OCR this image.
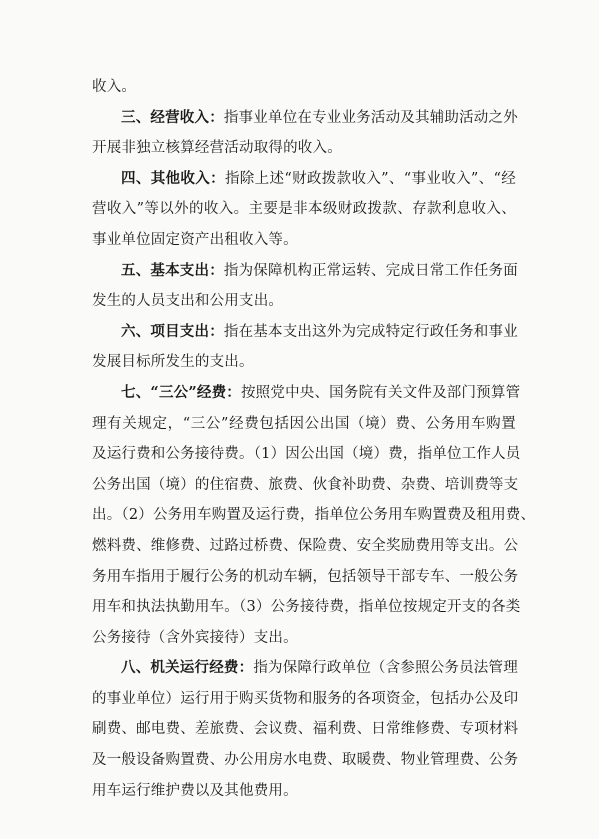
收入。
三、经营收入：指事业单位在专业业务活动及其辅助活动之外
开展非独立核算经营活动取得的收入。
四、其他收入：指除上述“财政拨款收入”、“事业收入”、“经
营收入”等以外的收入。主要是非本级财政拨款、存款利息收入、
事业单位固定资产出租收入等。
五、基本支出：指为保障机构正常运转、完成日常工作任务面
发生的人员支出和公用支出。
六、项目支出：指在基本支出这外为完成特定行政任务和事业
发展目标所发生的支出。
七、“三公”经费：按照党中央、国务院有关文件及部门预算管
理有关规定，“三公”经费包括因公出国（境）费、公务用车购置
及运行费和公务接待费。（1）因公出国（境）费，指单位工作人员
公务出国（境）的住宿费、旅费、伙食补助费、杂费、培训费等支
出。（2）公务用车购置及运行费，指单位公务用车购置费及租用费、
燃料费、维修费、过路过桥费、保险费、安全奖励费用等支出。公
务用车指用于履行公务的机动车辆，包括领导干部专车、一般公务
用车和执法执勤用车。（3）公务接待费，指单位按规定开支的各类
公务接待（含外宾接待）支出。
八、机关运行经费：指为保障行政单位（含参照公务员法管理
的事业单位）运行用于购买货物和服务的各项资金，包括办公及印
刷费、邮电费、差旅费、会议费、福利费、日常维修费、专项材料
及一般设备购置费、办公用房水电费、取暖费、物业管理费、公务
用车运行维护费以及其他费用。
